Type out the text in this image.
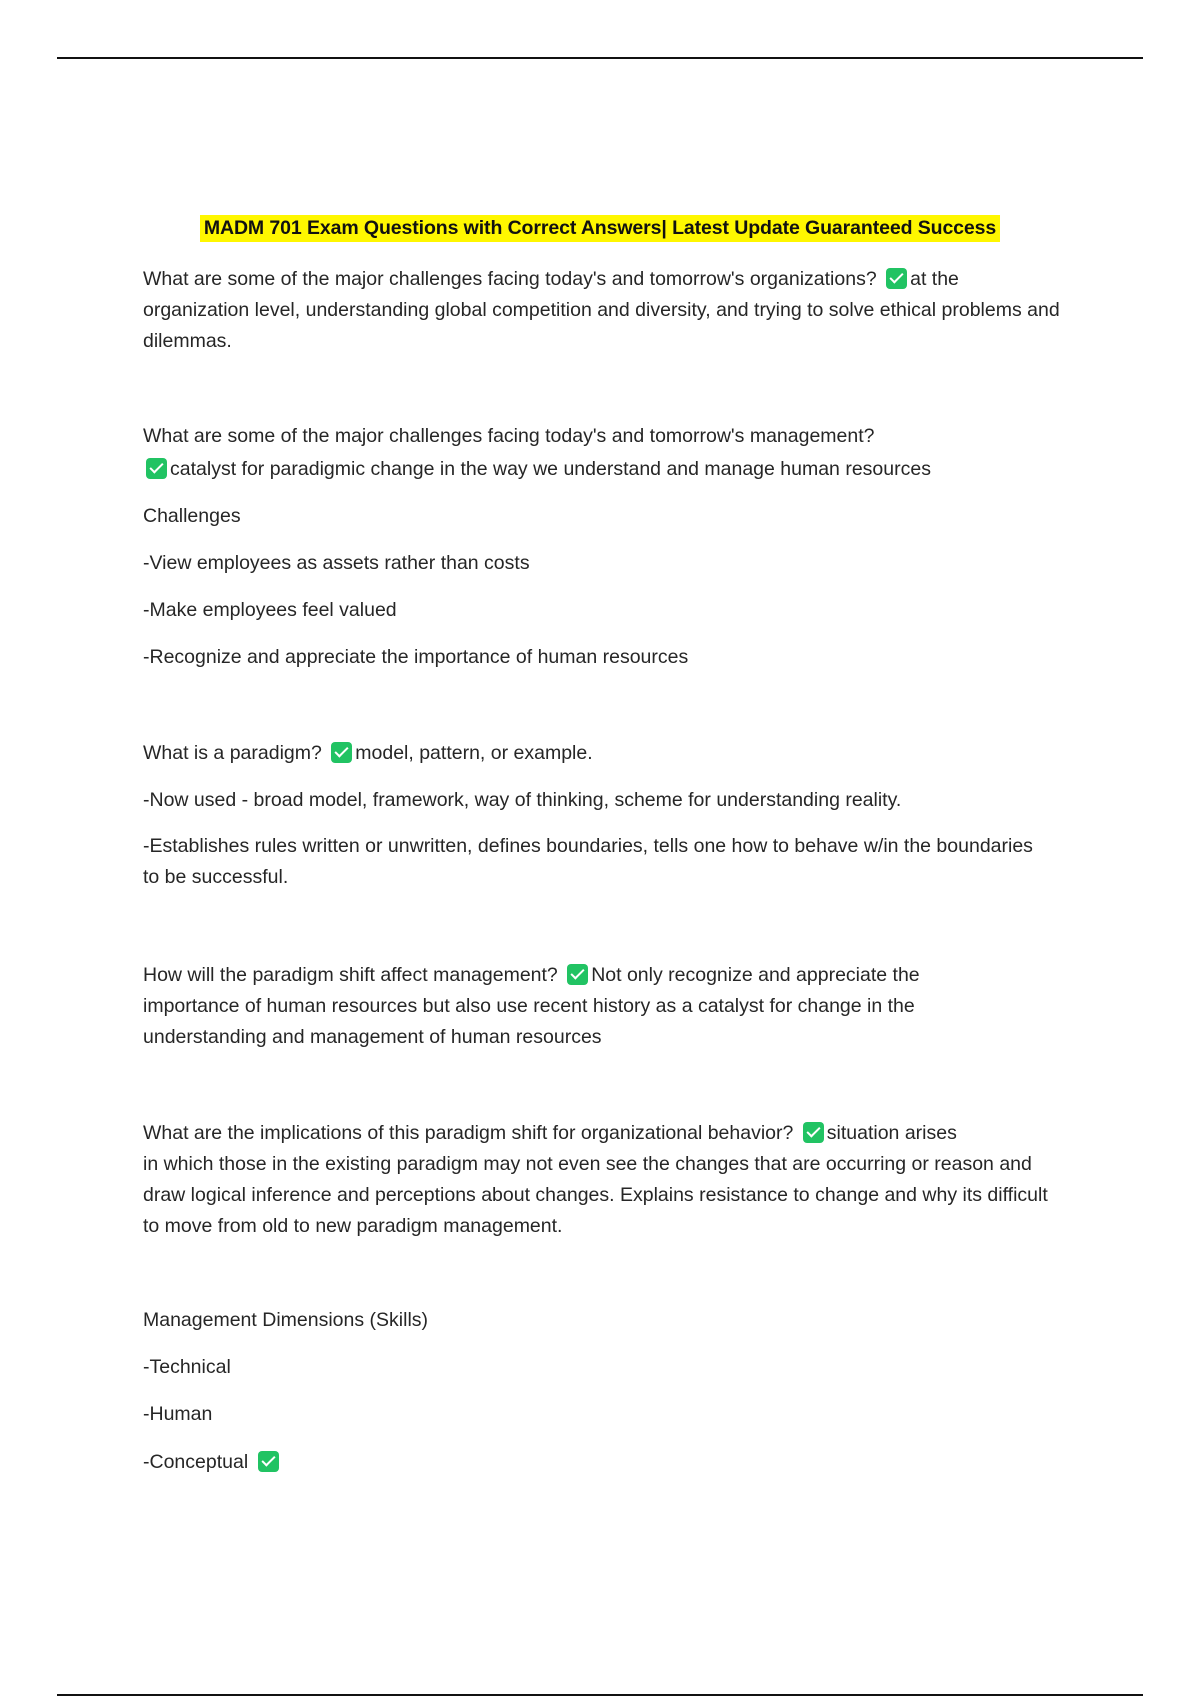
MADM 701 Exam Questions with Correct Answers| Latest Update Guaranteed Success
What are some of the major challenges facing today's and tomorrow's organizations? at the
organization level, understanding global competition and diversity, and trying to solve ethical problems and dilemmas.
What are some of the major challenges facing today's and tomorrow's management?
catalyst for paradigmic change in the way we understand and manage human resources
Challenges
-View employees as assets rather than costs
-Make employees feel valued
-Recognize and appreciate the importance of human resources
What is a paradigm? model, pattern, or example.
-Now used - broad model, framework, way of thinking, scheme for understanding reality.
-Establishes rules written or unwritten, defines boundaries, tells one how to behave w/in the boundaries to be successful.
How will the paradigm shift affect management? Not only recognize and appreciate the
importance of human resources but also use recent history as a catalyst for change in the understanding and management of human resources
What are the implications of this paradigm shift for organizational behavior? situation arises
in which those in the existing paradigm may not even see the changes that are occurring or reason and draw logical inference and perceptions about changes. Explains resistance to change and why its difficult to move from old to new paradigm management.
Management Dimensions (Skills)
-Technical
-Human
-Conceptual
